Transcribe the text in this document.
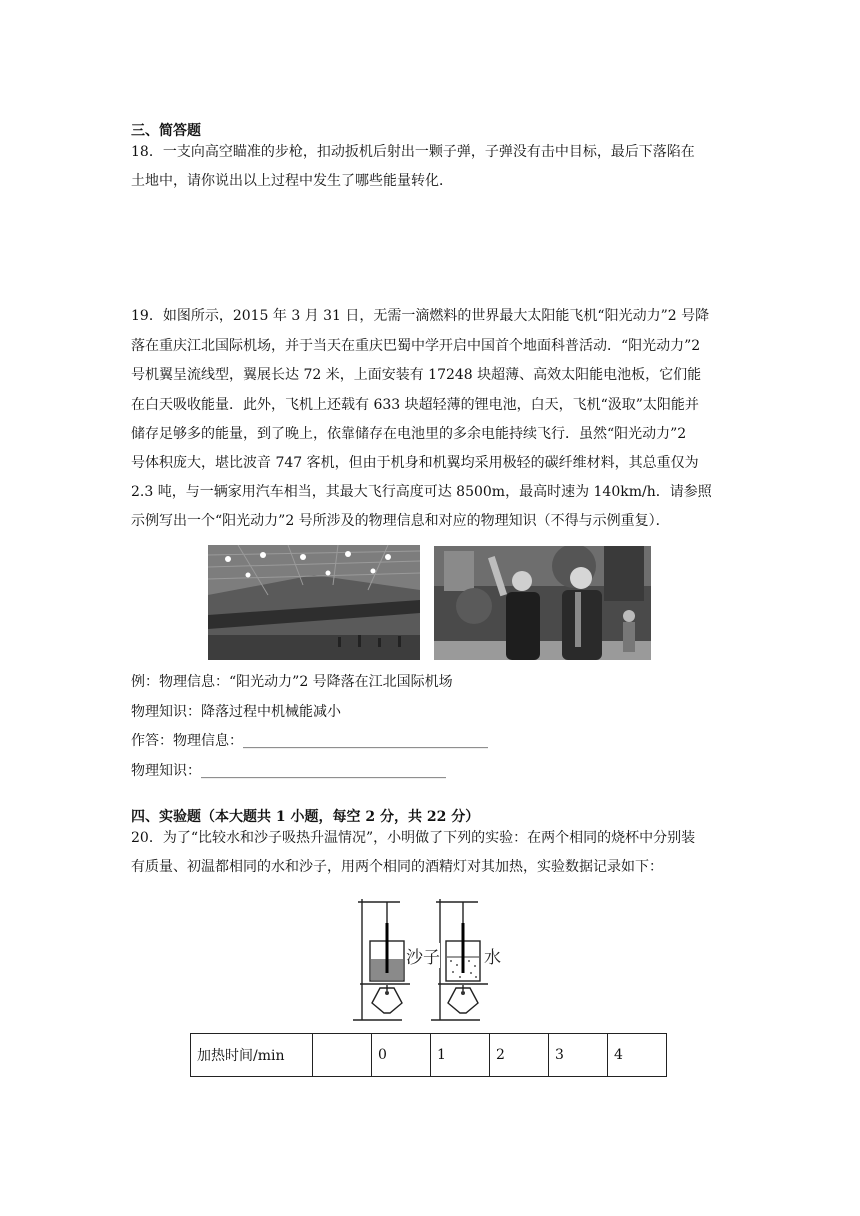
三、简答题
18．一支向高空瞄准的步枪，扣动扳机后射出一颗子弹，子弹没有击中目标，最后下落陷在
土地中，请你说出以上过程中发生了哪些能量转化．
19．如图所示，2015 年 3 月 31 日，无需一滴燃料的世界最大太阳能飞机“阳光动力”2 号降
落在重庆江北国际机场，并于当天在重庆巴蜀中学开启中国首个地面科普活动．“阳光动力”2
号机翼呈流线型，翼展长达 72 米，上面安装有 17248 块超薄、高效太阳能电池板，它们能
在白天吸收能量．此外，飞机上还载有 633 块超轻薄的锂电池，白天，飞机“汲取”太阳能并
储存足够多的能量，到了晚上，依靠储存在电池里的多余电能持续飞行．虽然“阳光动力”2
号体积庞大，堪比波音 747 客机，但由于机身和机翼均采用极轻的碳纤维材料，其总重仅为
2.3 吨，与一辆家用汽车相当，其最大飞行高度可达 8500m，最高时速为 140km/h．请参照
示例写出一个“阳光动力”2 号所涉及的物理信息和对应的物理知识（不得与示例重复）．
例：物理信息：“阳光动力”2 号降落在江北国际机场
物理知识：降落过程中机械能减小
作答：物理信息：___________________________________
物理知识：___________________________________
四、实验题（本大题共 1 小题，每空 2 分，共 22 分）
20．为了“比较水和沙子吸热升温情况”，小明做了下列的实验：在两个相同的烧杯中分别装
有质量、初温都相同的水和沙子，用两个相同的酒精灯对其加热，实验数据记录如下：
沙子	水
加热时间/min		0	1	2	3	4
